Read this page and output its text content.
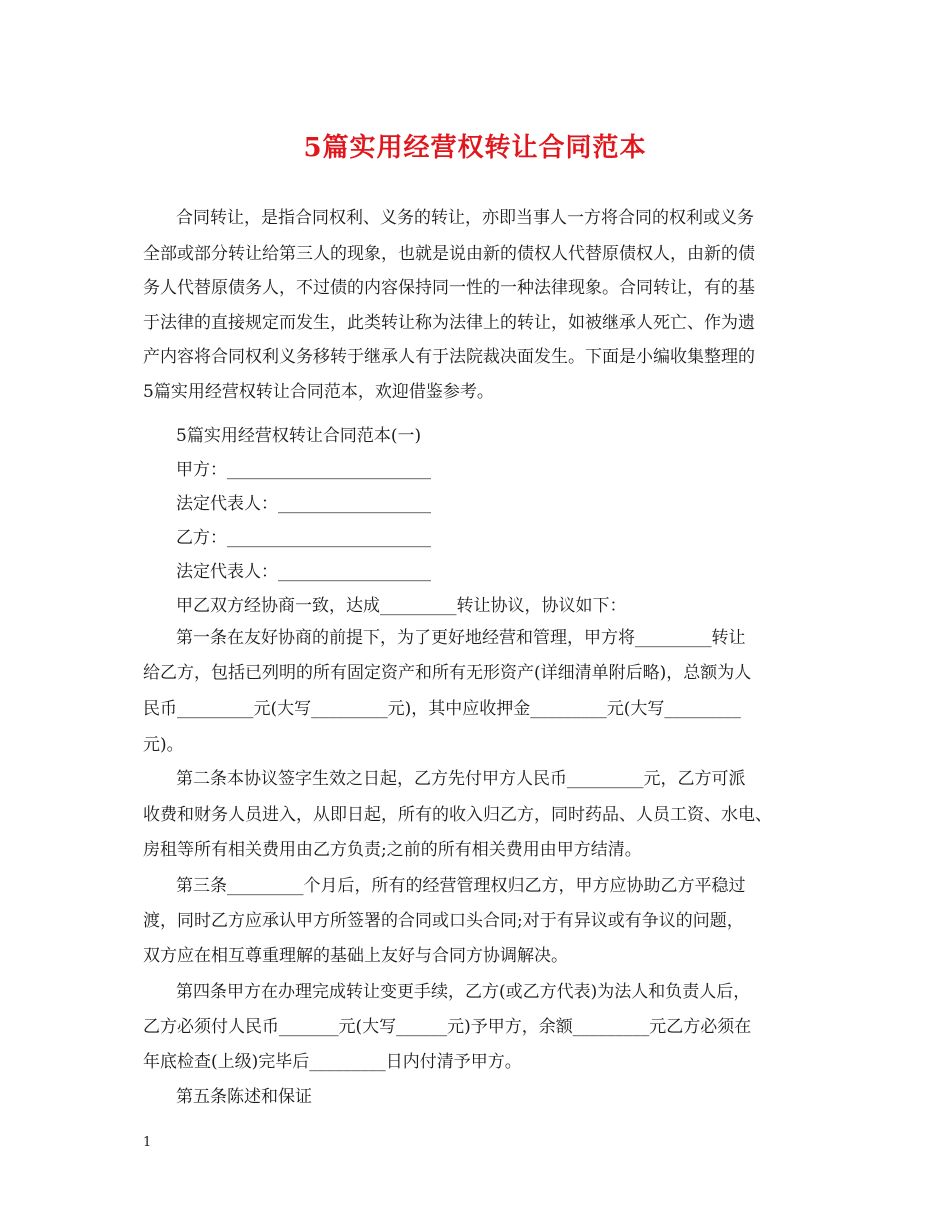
5篇实用经营权转让合同范本
合同转让，是指合同权利、义务的转让，亦即当事人一方将合同的权利或义务
全部或部分转让给第三人的现象，也就是说由新的债权人代替原债权人，由新的债
务人代替原债务人，不过债的内容保持同一性的一种法律现象。合同转让，有的基
于法律的直接规定而发生，此类转让称为法律上的转让，如被继承人死亡、作为遗
产内容将合同权利义务移转于继承人有于法院裁决面发生。下面是小编收集整理的
5篇实用经营权转让合同范本，欢迎借鉴参考。
5篇实用经营权转让合同范本(一)
甲方：________________________
法定代表人：__________________
乙方：________________________
法定代表人：__________________
甲乙双方经协商一致，达成_________转让协议，协议如下：
第一条在友好协商的前提下，为了更好地经营和管理，甲方将_________转让
给乙方，包括已列明的所有固定资产和所有无形资产(详细清单附后略)，总额为人
民币_________元(大写_________元)，其中应收押金_________元(大写_________
元)。
第二条本协议签字生效之日起，乙方先付甲方人民币_________元，乙方可派
收费和财务人员进入，从即日起，所有的收入归乙方，同时药品、人员工资、水电、
房租等所有相关费用由乙方负责;之前的所有相关费用由甲方结清。
第三条_________个月后，所有的经营管理权归乙方，甲方应协助乙方平稳过
渡，同时乙方应承认甲方所签署的合同或口头合同;对于有异议或有争议的问题，
双方应在相互尊重理解的基础上友好与合同方协调解决。
第四条甲方在办理完成转让变更手续，乙方(或乙方代表)为法人和负责人后，
乙方必须付人民币_______元(大写______元)予甲方，余额_________元乙方必须在
年底检查(上级)完毕后_________日内付清予甲方。
第五条陈述和保证
1
